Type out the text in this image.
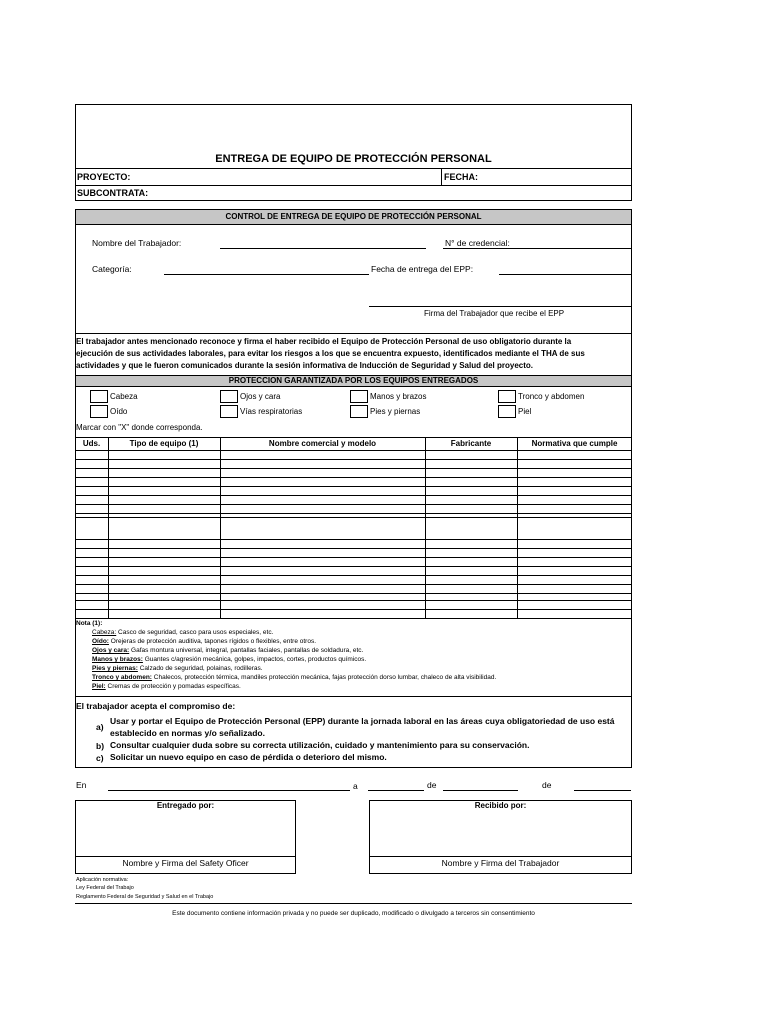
ENTREGA DE EQUIPO DE PROTECCIÓN PERSONAL
PROYECTO:	FECHA:
SUBCONTRATA:
CONTROL DE ENTREGA DE EQUIPO DE PROTECCIÓN PERSONAL
Nombre del Trabajador:	N° de credencial:
Categoría:	Fecha de entrega del EPP:
Firma del Trabajador que recibe el EPP
El trabajador antes mencionado reconoce y firma el haber recibido el Equipo de Protección Personal de uso obligatorio durante la
ejecución de sus actividades laborales, para evitar los riesgos a los que se encuentra expuesto, identificados mediante el THA de sus
actividades y que le fueron comunicados durante la sesión informativa de Inducción de Seguridad y Salud del proyecto.
PROTECCION GARANTIZADA POR LOS EQUIPOS ENTREGADOS
Cabeza	Ojos y cara	Manos y brazos	Tronco y abdomen
Oído	Vías respiratorias	Pies y piernas	Piel
Marcar con "X" donde corresponda.
Uds.	Tipo de equipo (1)	Nombre comercial y modelo	Fabricante	Normativa que cumple
Nota (1):
Cabeza: Casco de seguridad, casco para usos especiales, etc.
Oído: Orejeras de protección auditiva, tapones rígidos o flexibles, entre otros.
Ojos y cara: Gafas montura universal, integral, pantallas faciales, pantallas de soldadura, etc.
Manos y brazos: Guantes c/agresión mecánica, golpes, impactos, cortes, productos químicos.
Pies y piernas: Calzado de seguridad, polainas, rodilleras.
Tronco y abdomen: Chalecos, protección térmica, mandiles protección mecánica, fajas protección dorso lumbar, chaleco de alta visibilidad.
Piel: Cremas de protección y pomadas específicas.
El trabajador acepta el compromiso de:
a)
Usar y portar el Equipo de Protección Personal (EPP) durante la jornada laboral en las áreas cuya obligatoriedad de uso está
establecido en normas y/o señalizado.
b) Consultar cualquier duda sobre su correcta utilización, cuidado y mantenimiento para su conservación.
c) Solicitar un nuevo equipo en caso de pérdida o deterioro del mismo.
En	a	de	de
Entregado por:
Nombre y Firma del Safety Oficer
Recibido por:
Nombre y Firma del Trabajador
Aplicación normativa:
Ley Federal del Trabajo
Reglamento Federal de Seguridad y Salud en el Trabajo
Este documento contiene información privada y no puede ser duplicado, modificado o divulgado a terceros sin consentimiento
